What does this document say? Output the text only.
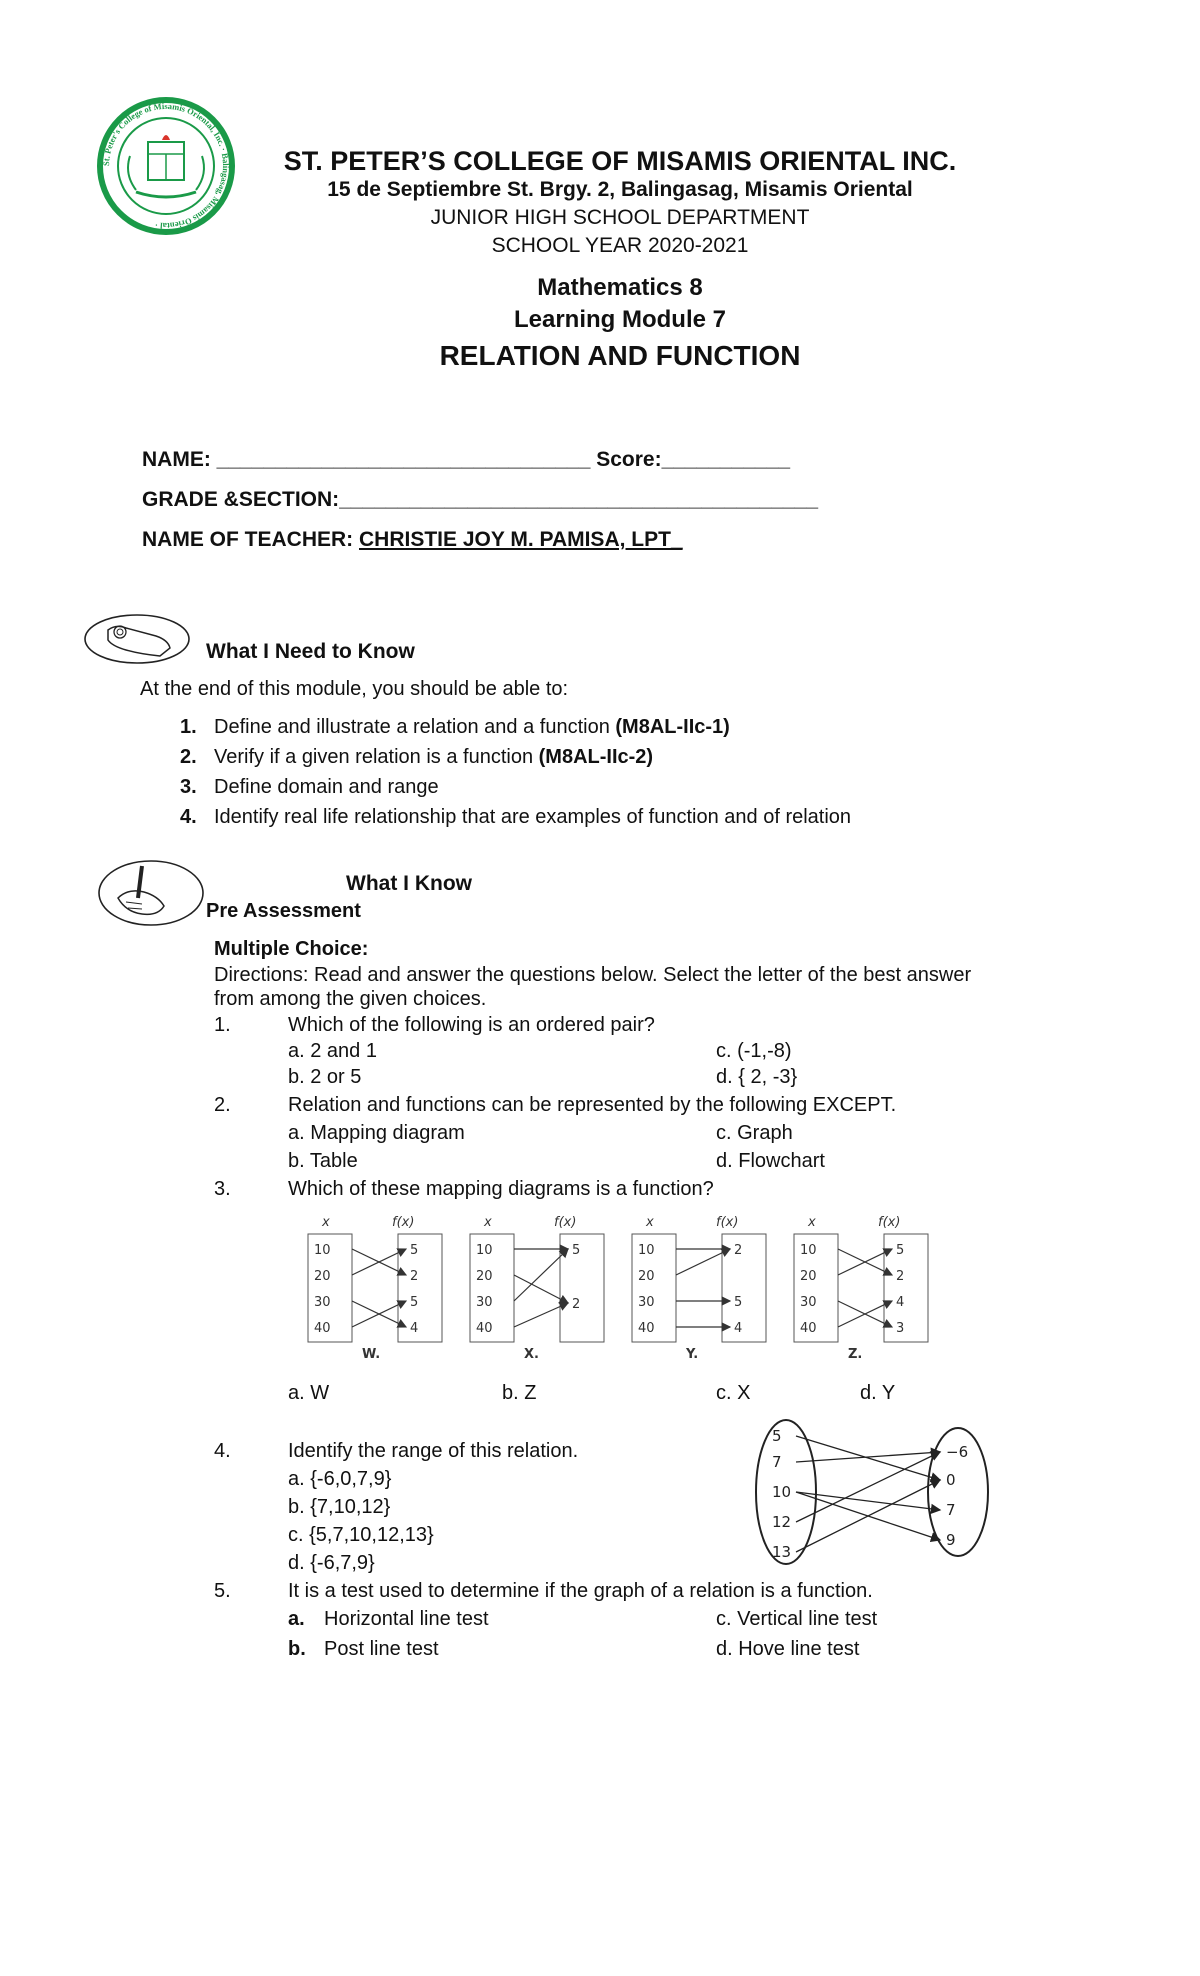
St. Peter's College of Misamis Oriental, Inc. · Balingasag, Misamis Oriental ·
ST. PETER’S COLLEGE OF MISAMIS ORIENTAL INC.
15 de Septiembre St. Brgy. 2, Balingasag, Misamis Oriental
JUNIOR HIGH SCHOOL DEPARTMENT
SCHOOL YEAR 2020-2021
Mathematics 8
Learning Module 7
RELATION AND FUNCTION
NAME: ________________________________ Score:___________
GRADE &SECTION:_________________________________________
NAME OF TEACHER: CHRISTIE JOY M. PAMISA, LPT_
What I Need to Know
At the end of this module, you should be able to:
1. Define and illustrate a relation and a function (M8AL-IIc-1)
2. Verify if a given relation is a function (M8AL-IIc-2)
3. Define domain and range
4. Identify real life relationship that are examples of function and of relation
What I Know
Pre Assessment
Multiple Choice:
Directions: Read and answer the questions below. Select the letter of the best answer
from among the given choices.
1.	Which of the following is an ordered pair?
a. 2 and 1	c. (-1,-8)
b. 2 or 5	d. { 2, -3}
2.	Relation and functions can be represented by the following EXCEPT.
a. Mapping diagram	c. Graph
b. Table	d. Flowchart
3.	Which of these mapping diagrams is a function?
x	f(x)
10
20
30
40
5
2
5
4
W.
x	f(x)
10
20
30
40
5
2
X.
x	f(x)
10
20
30
40
2
5
4
Y.
x	f(x)
10
20
30
40
5
2
4
3
Z.
a. W	b. Z	c. X	d. Y
4.	Identify the range of this relation.
a. {-6,0,7,9}
b. {7,10,12}
c. {5,7,10,12,13}
d. {-6,7,9}
5
7
10
12
13
−6
0
7
9
5.	It is a test used to determine if the graph of a relation is a function.
a. Horizontal line test	c. Vertical line test
b. Post line test	d. Hove line test
